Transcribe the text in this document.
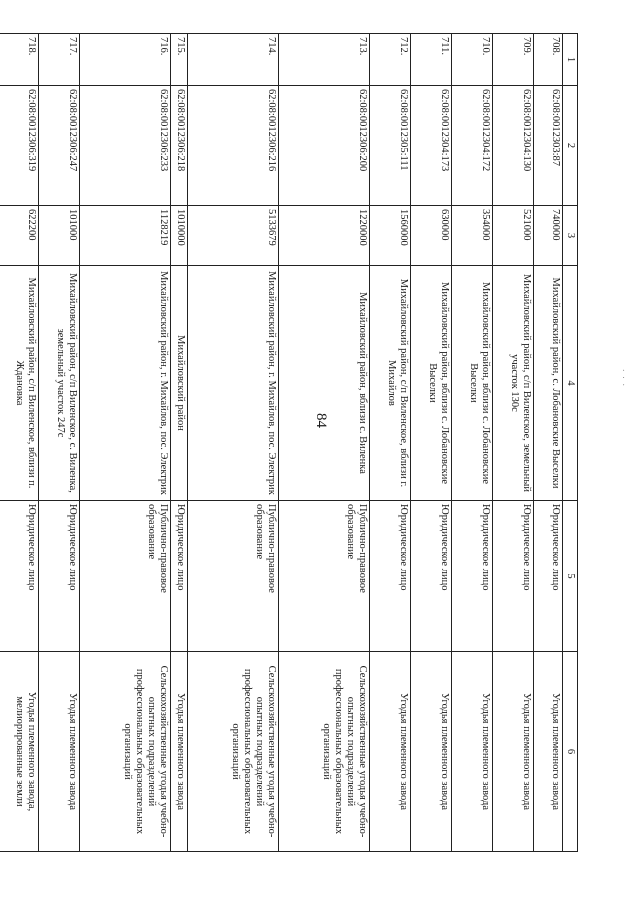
84
1	2	3	4	5	6
708.	62:08:0012303:87	740000	Михайловский район, с. Лобановские Выселки	Юридическое лицо	Угодья племенного завода
709.	62:08:0012304:130	521000	Михайловский район, с/п Виленское, земельный участок 130с	Юридическое лицо	Угодья племенного завода
710.	62:08:0012304:172	354000	Михайловский район, вблизи с. Лобановские Выселки	Юридическое лицо	Угодья племенного завода
711.	62:08:0012304:173	630000	Михайловский район, вблизи с. Лобановские Выселки	Юридическое лицо	Угодья племенного завода
712.	62:08:0012305:111	1560000	Михайловский район, с/п Виленское, вблизи г. Михайлов	Юридическое лицо	Угодья племенного завода
713.	62:08:0012306:200	1220000	Михайловский район, вблизи с. Виленка	Публично-правовое образование	Сельскохозяйственные угодья учебно-опытных подразделений профессиональных образовательных организаций
714.	62:08:0012306:216	5133679	Михайловский район, г. Михайлов, пос. Электрик	Публично-правовое образование	Сельскохозяйственные угодья учебно-опытных подразделений профессиональных образовательных организаций
715.	62:08:0012306:218	1010000	Михайловский район	Юридическое лицо	Угодья племенного завода
716.	62:08:0012306:233	1128219	Михайловский район, г. Михайлов, пос. Электрик	Публично-правовое образование	Сельскохозяйственные угодья учебно-опытных подразделений профессиональных образовательных организаций
717.	62:08:0012306:247	101000	Михайловский район, с/п Виленское, с. Виленка, земельный участок 247с	Юридическое лицо	Угодья племенного завода
718.	62:08:0012306:319	622200	Михайловский район, с/п Виленское, вблизи п. Ждановка	Юридическое лицо	Угодья племенного завода, мелиорированные земли
· · ·
